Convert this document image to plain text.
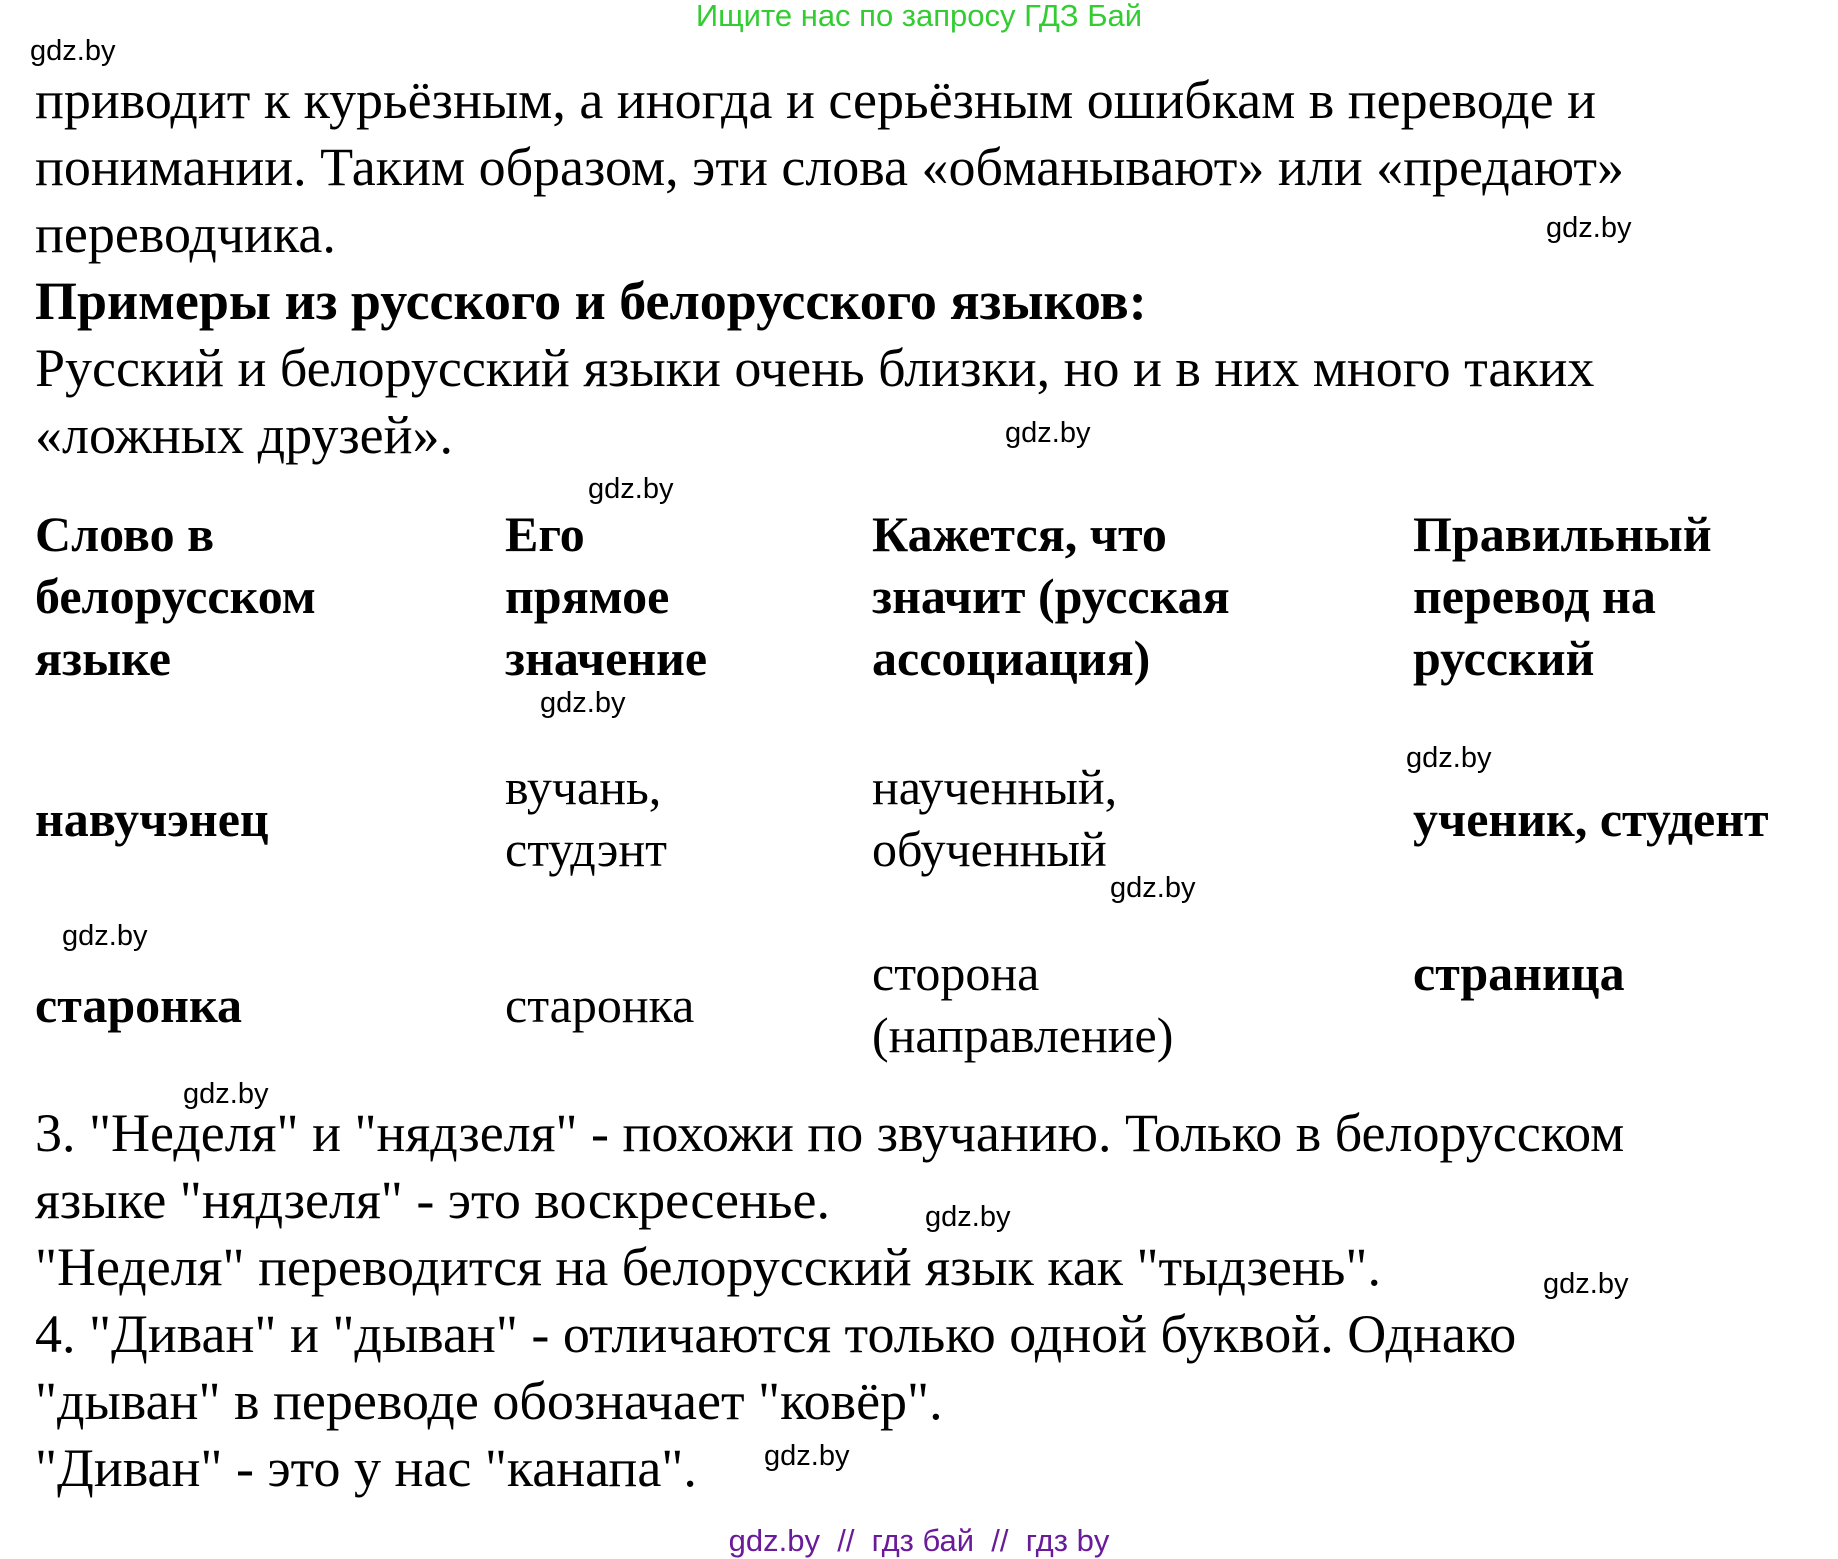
Ищите нас по запросу ГДЗ Бай
gdz.by
gdz.by
gdz.by
gdz.by
gdz.by
gdz.by
gdz.by
gdz.by
gdz.by
gdz.by
gdz.by
gdz.by
приводит к курьёзным, а иногда и серьёзным ошибкам в переводе и
понимании. Таким образом, эти слова «обманывают» или «предают»
переводчика.
Примеры из русского и белорусского языков:
Русский и белорусский языки очень близки, но и в них много таких
«ложных друзей».
Слово в
белорусском
языке
Его
прямое
значение
Кажется, что
значит (русская
ассоциация)
Правильный
перевод на
русский
навучэнец
вучань,
студэнт
наученный,
обученный
ученик, студент
старонка	старонка
сторона
(направление)
страница
3. "Неделя" и "нядзеля" - похожи по звучанию. Только в белорусском
языке "нядзеля" - это воскресенье.
"Неделя" переводится на белорусский язык как "тыдзень".
4. "Диван" и "дыван" - отличаются только одной буквой. Однако
"дыван" в переводе обозначает "ковёр".
"Диван" - это у нас "канапа".
gdz.by  //  гдз бай  //  гдз by
